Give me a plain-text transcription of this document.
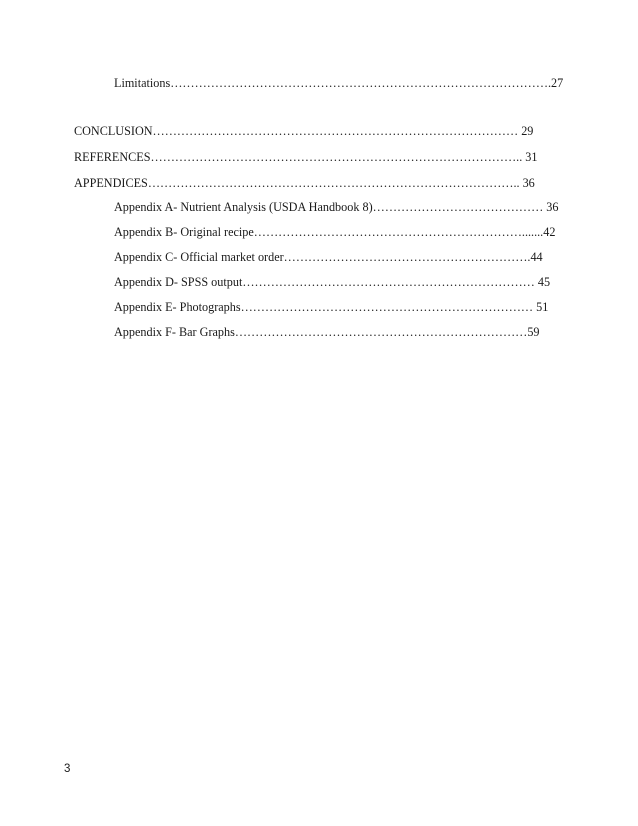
Limitations………………………………………………………………………………….27
CONCLUSION……………………………………………………………………………… 29
REFERENCES……………………………………………………………………………….. 31
APPENDICES……………………………………………………………………………….. 36
Appendix A- Nutrient Analysis (USDA Handbook 8)…………………………………… 36
Appendix B- Original recipe………………………………………………………….......42
Appendix C- Official market order…………………………………………………….44
Appendix D- SPSS output……………………………………………………………… 45
Appendix E- Photographs……………………………………………………………… 51
Appendix F- Bar Graphs………………………………………………………………59
3
